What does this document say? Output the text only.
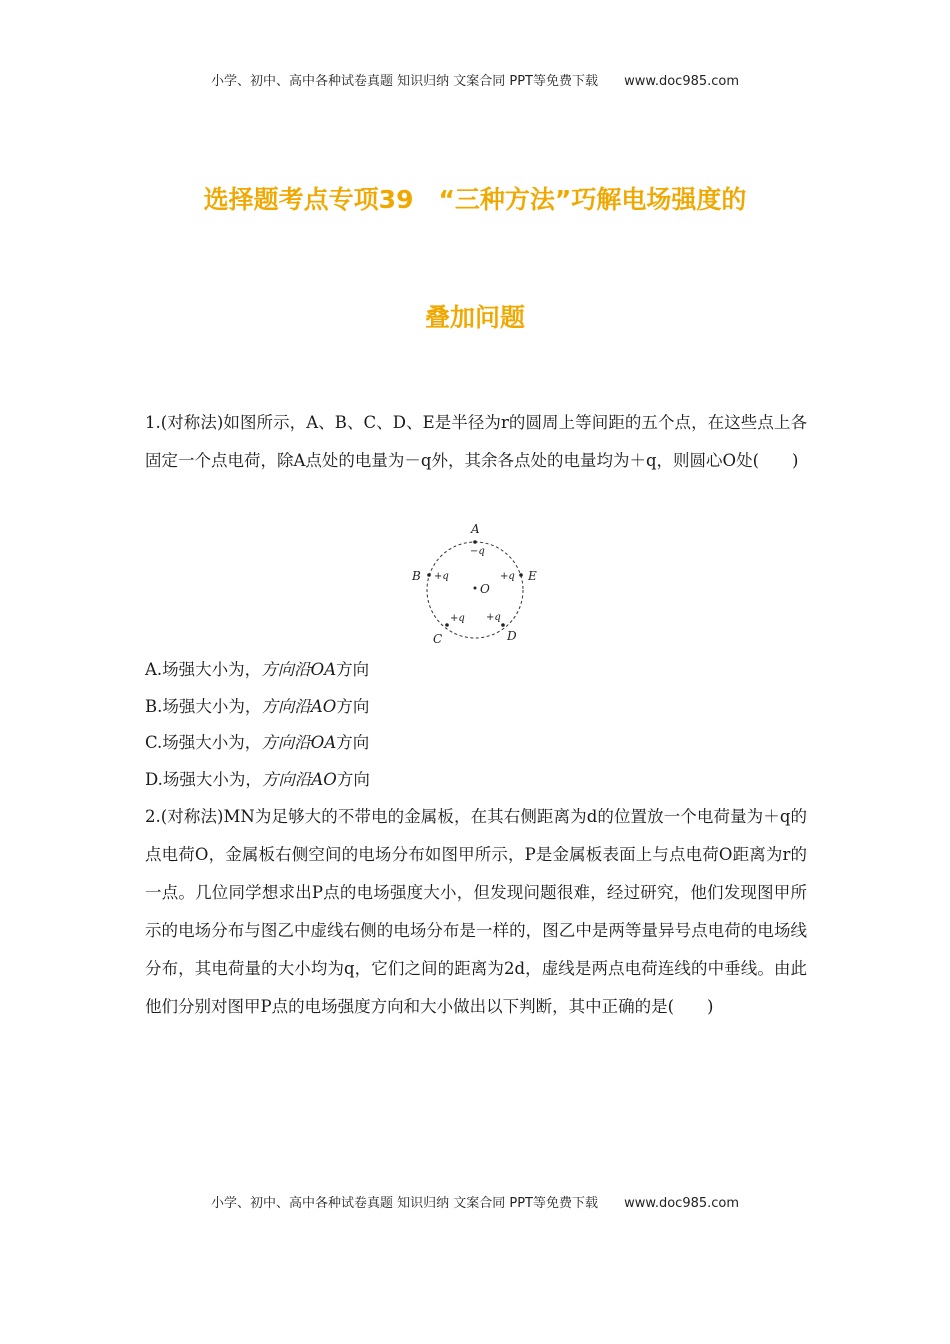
小学、初中、高中各种试卷真题 知识归纳 文案合同 PPT等免费下载 www.doc985.com
选择题考点专项39　“三种方法”巧解电场强度的
叠加问题
1.(对称法)如图所示，A、B、C、D、E是半径为r的圆周上等间距的五个点，在这些点上各固定一个点电荷，除A点处的电量为－q外，其余各点处的电量均为＋q，则圆心O处(　　)
A
−q
B +q
C
+q
D
+q
E
+q
O
A.场强大小为，方向沿OA方向
B.场强大小为，方向沿AO方向
C.场强大小为，方向沿OA方向
D.场强大小为，方向沿AO方向
2.(对称法)MN为足够大的不带电的金属板，在其右侧距离为d的位置放一个电荷量为＋q的点电荷O，金属板右侧空间的电场分布如图甲所示，P是金属板表面上与点电荷O距离为r的一点。几位同学想求出P点的电场强度大小，但发现问题很难，经过研究，他们发现图甲所示的电场分布与图乙中虚线右侧的电场分布是一样的，图乙中是两等量异号点电荷的电场线分布，其电荷量的大小均为q，它们之间的距离为2d，虚线是两点电荷连线的中垂线。由此他们分别对图甲P点的电场强度方向和大小做出以下判断，其中正确的是(　　)
小学、初中、高中各种试卷真题 知识归纳 文案合同 PPT等免费下载 www.doc985.com
